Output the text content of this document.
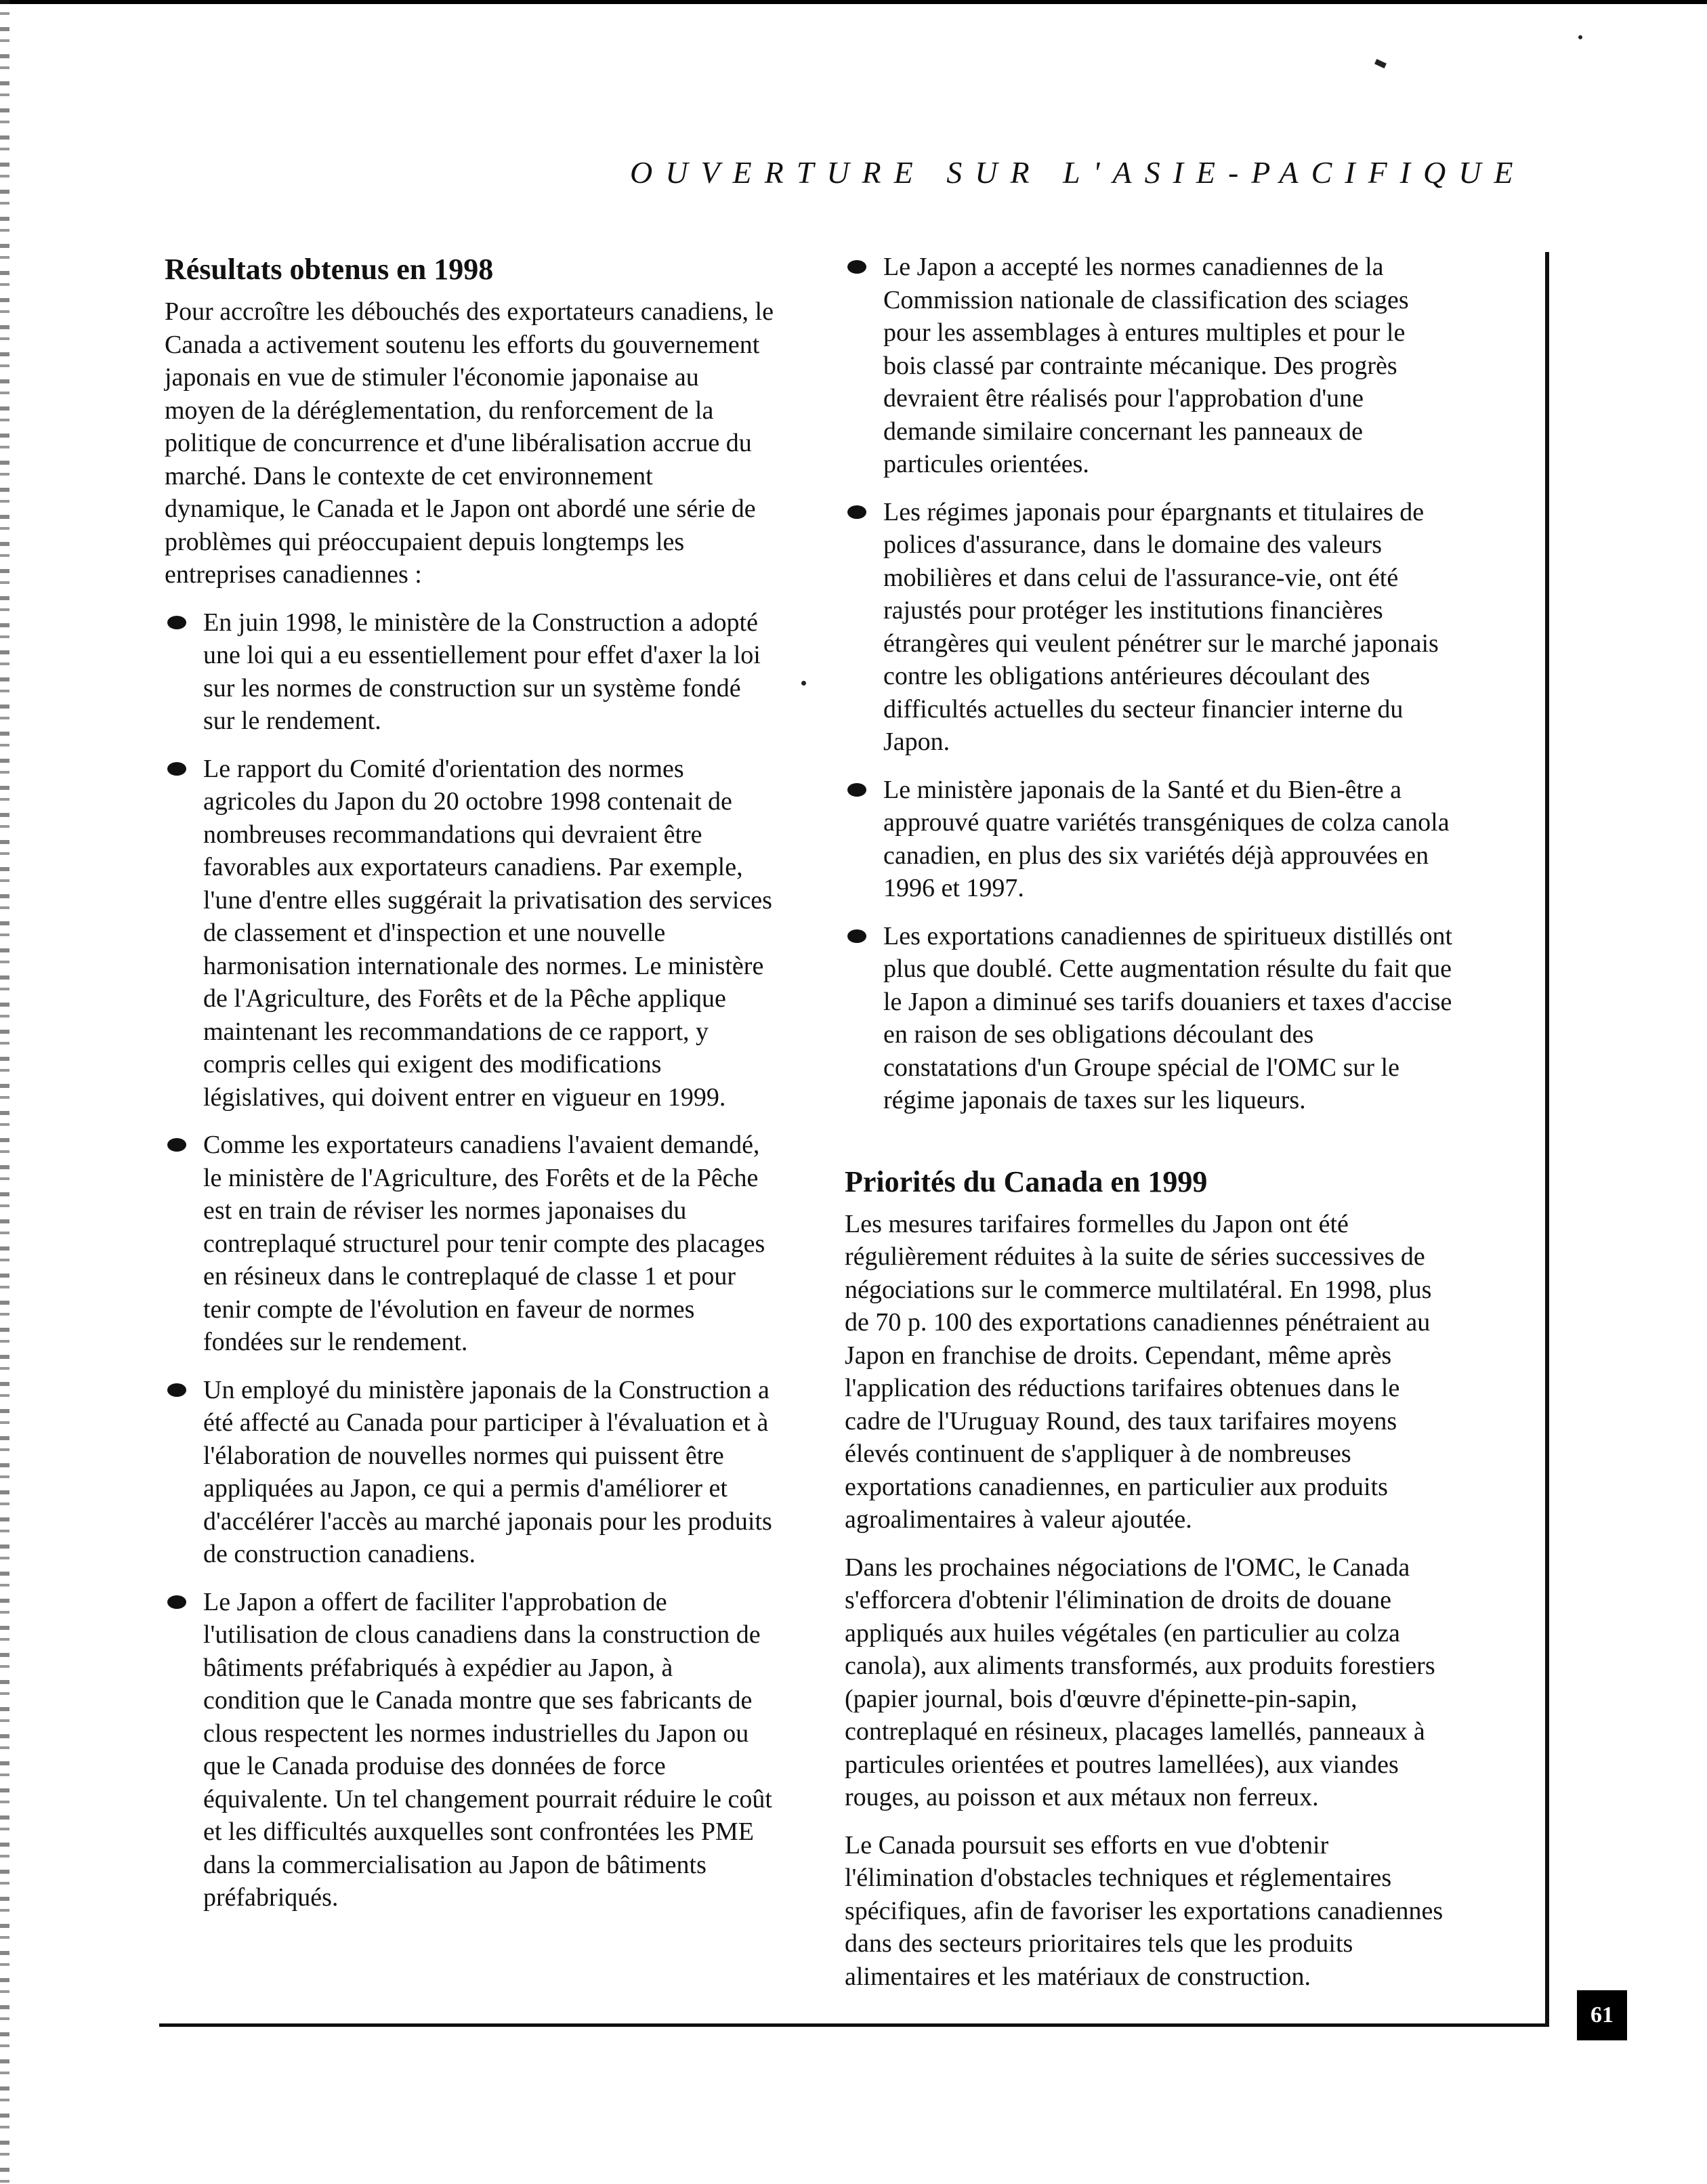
OUVERTURE SUR L'ASIE-PACIFIQUE
Résultats obtenus en 1998

Pour accroître les débouchés des exportateurs canadiens, le Canada a activement soutenu les efforts du gouvernement japonais en vue de stimuler l'économie japonaise au moyen de la déréglementation, du renforcement de la politique de concurrence et d'une libéralisation accrue du marché. Dans le contexte de cet environnement dynamique, le Canada et le Japon ont abordé une série de problèmes qui préoccupaient depuis longtemps les entreprises canadiennes :

En juin 1998, le ministère de la Construction a adopté une loi qui a eu essentiellement pour effet d'axer la loi sur les normes de construction sur un système fondé sur le rendement.
Le rapport du Comité d'orientation des normes agricoles du Japon du 20 octobre 1998 contenait de nombreuses recommandations qui devraient être favorables aux exportateurs canadiens. Par exemple, l'une d'entre elles suggérait la privatisation des services de classement et d'inspection et une nouvelle harmonisation internationale des normes. Le ministère de l'Agriculture, des Forêts et de la Pêche applique maintenant les recommandations de ce rapport, y compris celles qui exigent des modifications législatives, qui doivent entrer en vigueur en 1999.
Comme les exportateurs canadiens l'avaient demandé, le ministère de l'Agriculture, des Forêts et de la Pêche est en train de réviser les normes japonaises du contreplaqué structurel pour tenir compte des placages en résineux dans le contreplaqué de classe 1 et pour tenir compte de l'évolution en faveur de normes fondées sur le rendement.
Un employé du ministère japonais de la Construction a été affecté au Canada pour participer à l'évaluation et à l'élaboration de nouvelles normes qui puissent être appliquées au Japon, ce qui a permis d'améliorer et d'accélérer l'accès au marché japonais pour les produits de construction canadiens.
Le Japon a offert de faciliter l'approbation de l'utilisation de clous canadiens dans la construction de bâtiments préfabriqués à expédier au Japon, à condition que le Canada montre que ses fabricants de clous respectent les normes industrielles du Japon ou que le Canada produise des données de force équivalente. Un tel changement pourrait réduire le coût et les difficultés auxquelles sont confrontées les PME dans la commercialisation au Japon de bâtiments préfabriqués.
Le Japon a accepté les normes canadiennes de la Commission nationale de classification des sciages pour les assemblages à entures multiples et pour le bois classé par contrainte mécanique. Des progrès devraient être réalisés pour l'approbation d'une demande similaire concernant les panneaux de particules orientées.
Les régimes japonais pour épargnants et titulaires de polices d'assurance, dans le domaine des valeurs mobilières et dans celui de l'assurance-vie, ont été rajustés pour protéger les institutions financières étrangères qui veulent pénétrer sur le marché japonais contre les obligations antérieures découlant des difficultés actuelles du secteur financier interne du Japon.
Le ministère japonais de la Santé et du Bien-être a approuvé quatre variétés transgéniques de colza canola canadien, en plus des six variétés déjà approuvées en 1996 et 1997.
Les exportations canadiennes de spiritueux distillés ont plus que doublé. Cette augmentation résulte du fait que le Japon a diminué ses tarifs douaniers et taxes d'accise en raison de ses obligations découlant des constatations d'un Groupe spécial de l'OMC sur le régime japonais de taxes sur les liqueurs.
Priorités du Canada en 1999

Les mesures tarifaires formelles du Japon ont été régulièrement réduites à la suite de séries successives de négociations sur le commerce multilatéral. En 1998, plus de 70 p. 100 des exportations canadiennes pénétraient au Japon en franchise de droits. Cependant, même après l'application des réductions tarifaires obtenues dans le cadre de l'Uruguay Round, des taux tarifaires moyens élevés continuent de s'appliquer à de nombreuses exportations canadiennes, en particulier aux produits agroalimentaires à valeur ajoutée.

Dans les prochaines négociations de l'OMC, le Canada s'efforcera d'obtenir l'élimination de droits de douane appliqués aux huiles végétales (en particulier au colza canola), aux aliments transformés, aux produits forestiers (papier journal, bois d'œuvre d'épinette-pin-sapin, contreplaqué en résineux, placages lamellés, panneaux à particules orientées et poutres lamellées), aux viandes rouges, au poisson et aux métaux non ferreux.

Le Canada poursuit ses efforts en vue d'obtenir l'élimination d'obstacles techniques et réglementaires spécifiques, afin de favoriser les exportations canadiennes dans des secteurs prioritaires tels que les produits alimentaires et les matériaux de construction.

61
